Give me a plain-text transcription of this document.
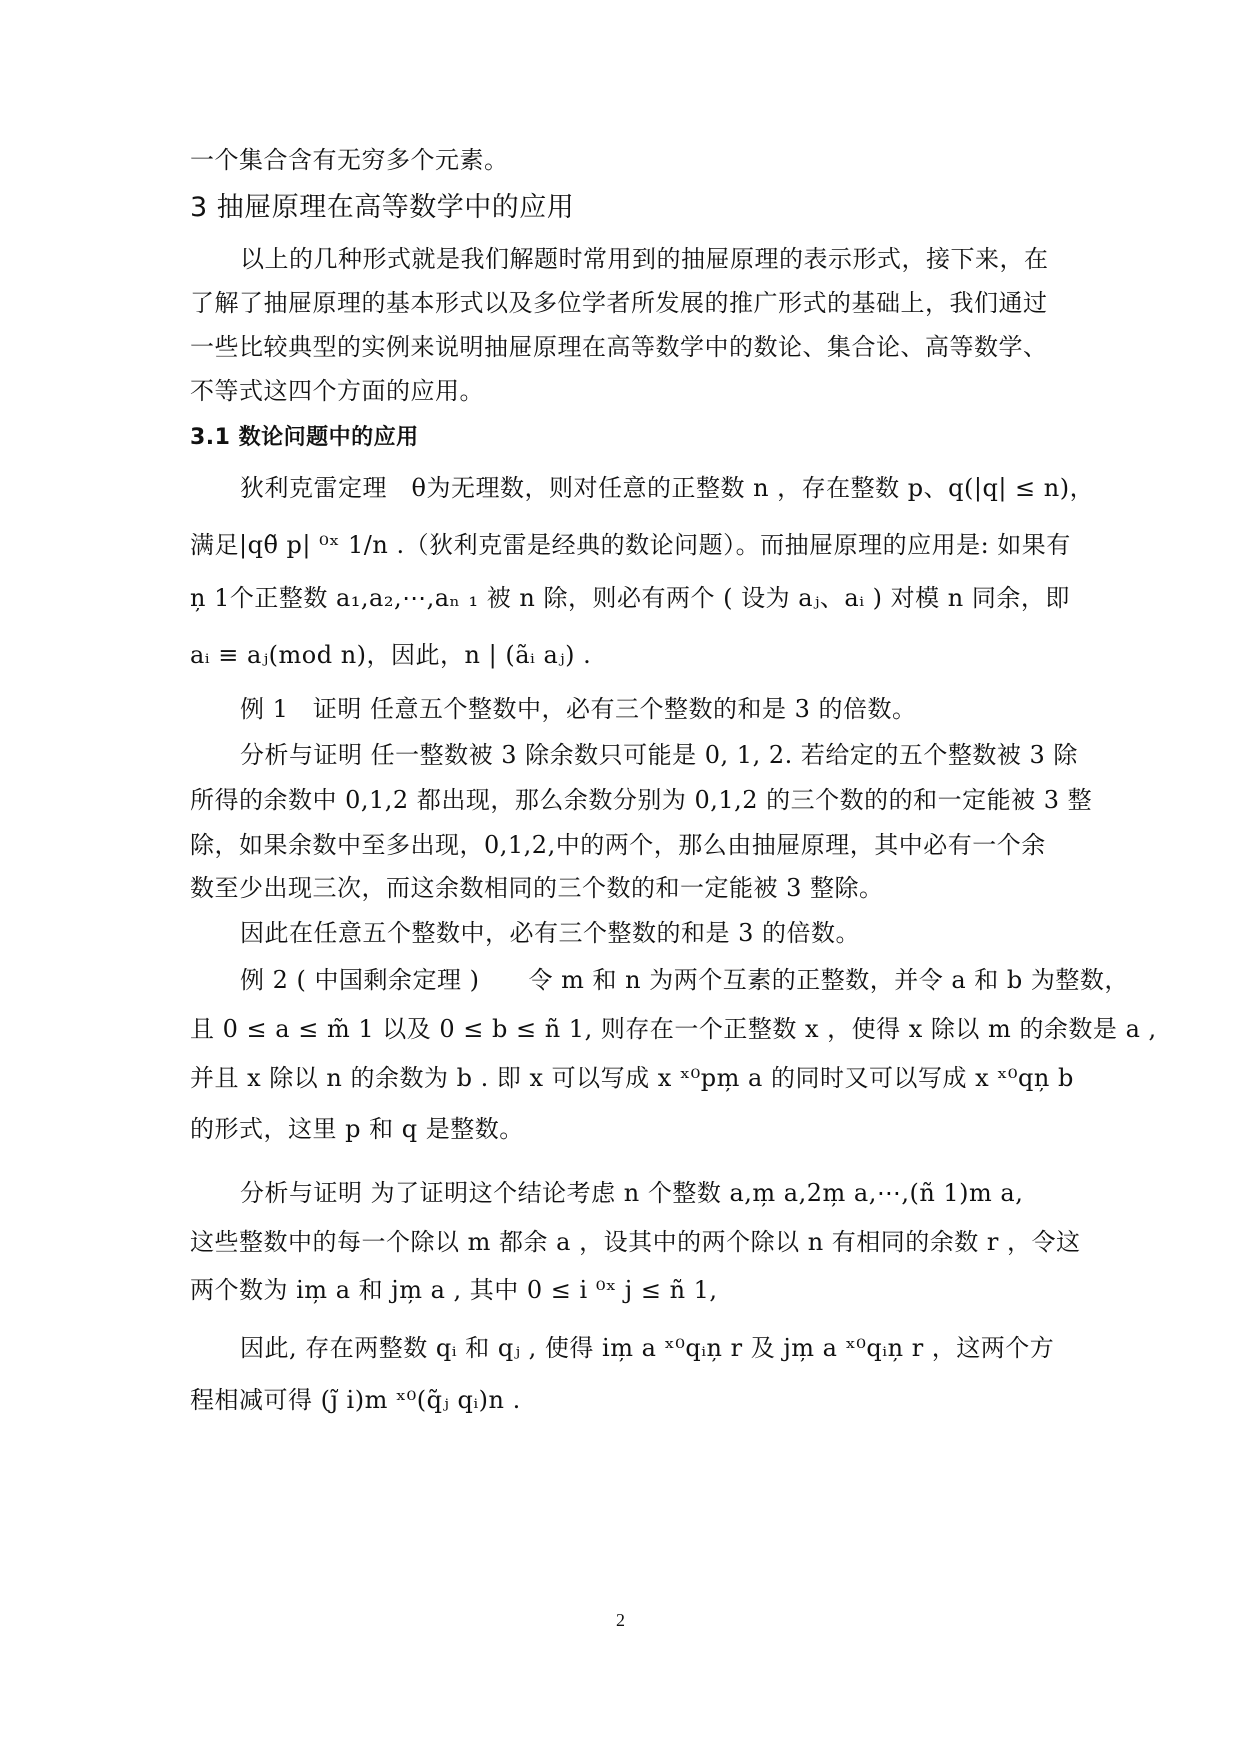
一个集合含有无穷多个元素。
3 抽屉原理在高等数学中的应用
以上的几种形式就是我们解题时常用到的抽屉原理的表示形式，接下来，在
了解了抽屉原理的基本形式以及多位学者所发展的推广形式的基础上，我们通过
一些比较典型的实例来说明抽屉原理在高等数学中的数论、集合论、高等数学、
不等式这四个方面的应用。
3.1 数论问题中的应用
狄利克雷定理　θ为无理数，则对任意的正整数 n ，存在整数 p、q(|q| ≤ n)，
满足|qθ̃ p| ⁰ˣ 1/n .（狄利克雷是经典的数论问题）。而抽屉原理的应用是: 如果有
n̦ 1个正整数 a₁,a₂,⋯,aₙ ₁ 被 n 除，则必有两个 ( 设为 aⱼ、aᵢ ) 对模 n 同余，即
aᵢ ≡ aⱼ(mod n)，因此，n | (ãᵢ aⱼ) .
例 1　证明 任意五个整数中，必有三个整数的和是 3 的倍数。
分析与证明 任一整数被 3 除余数只可能是 0, 1, 2. 若给定的五个整数被 3 除
所得的余数中 0,1,2 都出现，那么余数分别为 0,1,2 的三个数的的和一定能被 3 整
除，如果余数中至多出现，0,1,2,中的两个，那么由抽屉原理，其中必有一个余
数至少出现三次，而这余数相同的三个数的和一定能被 3 整除。
因此在任意五个整数中，必有三个整数的和是 3 的倍数。
例 2 ( 中国剩余定理 )　　令 m 和 n 为两个互素的正整数，并令 a 和 b 为整数，
且 0 ≤ a ≤ m̃ 1 以及 0 ≤ b ≤ ñ 1, 则存在一个正整数 x ，使得 x 除以 m 的余数是 a ,
并且 x 除以 n 的余数为 b . 即 x 可以写成 x ˣ⁰pm̦ a 的同时又可以写成 x ˣ⁰qn̦ b
的形式，这里 p 和 q 是整数。
分析与证明 为了证明这个结论考虑 n 个整数 a,m̦ a,2m̦ a,⋯,(ñ 1)m a,
这些整数中的每一个除以 m 都余 a ，设其中的两个除以 n 有相同的余数 r ，令这
两个数为 im̦ a 和 jm̦ a , 其中 0 ≤ i ⁰ˣ j ≤ ñ 1,
因此, 存在两整数 qᵢ 和 qⱼ , 使得 im̦ a ˣ⁰qᵢn̦ r 及 jm̦ a ˣ⁰qᵢn̦ r ，这两个方
程相减可得 (j̃ i)m ˣ⁰(q̃ⱼ qᵢ)n .
2
